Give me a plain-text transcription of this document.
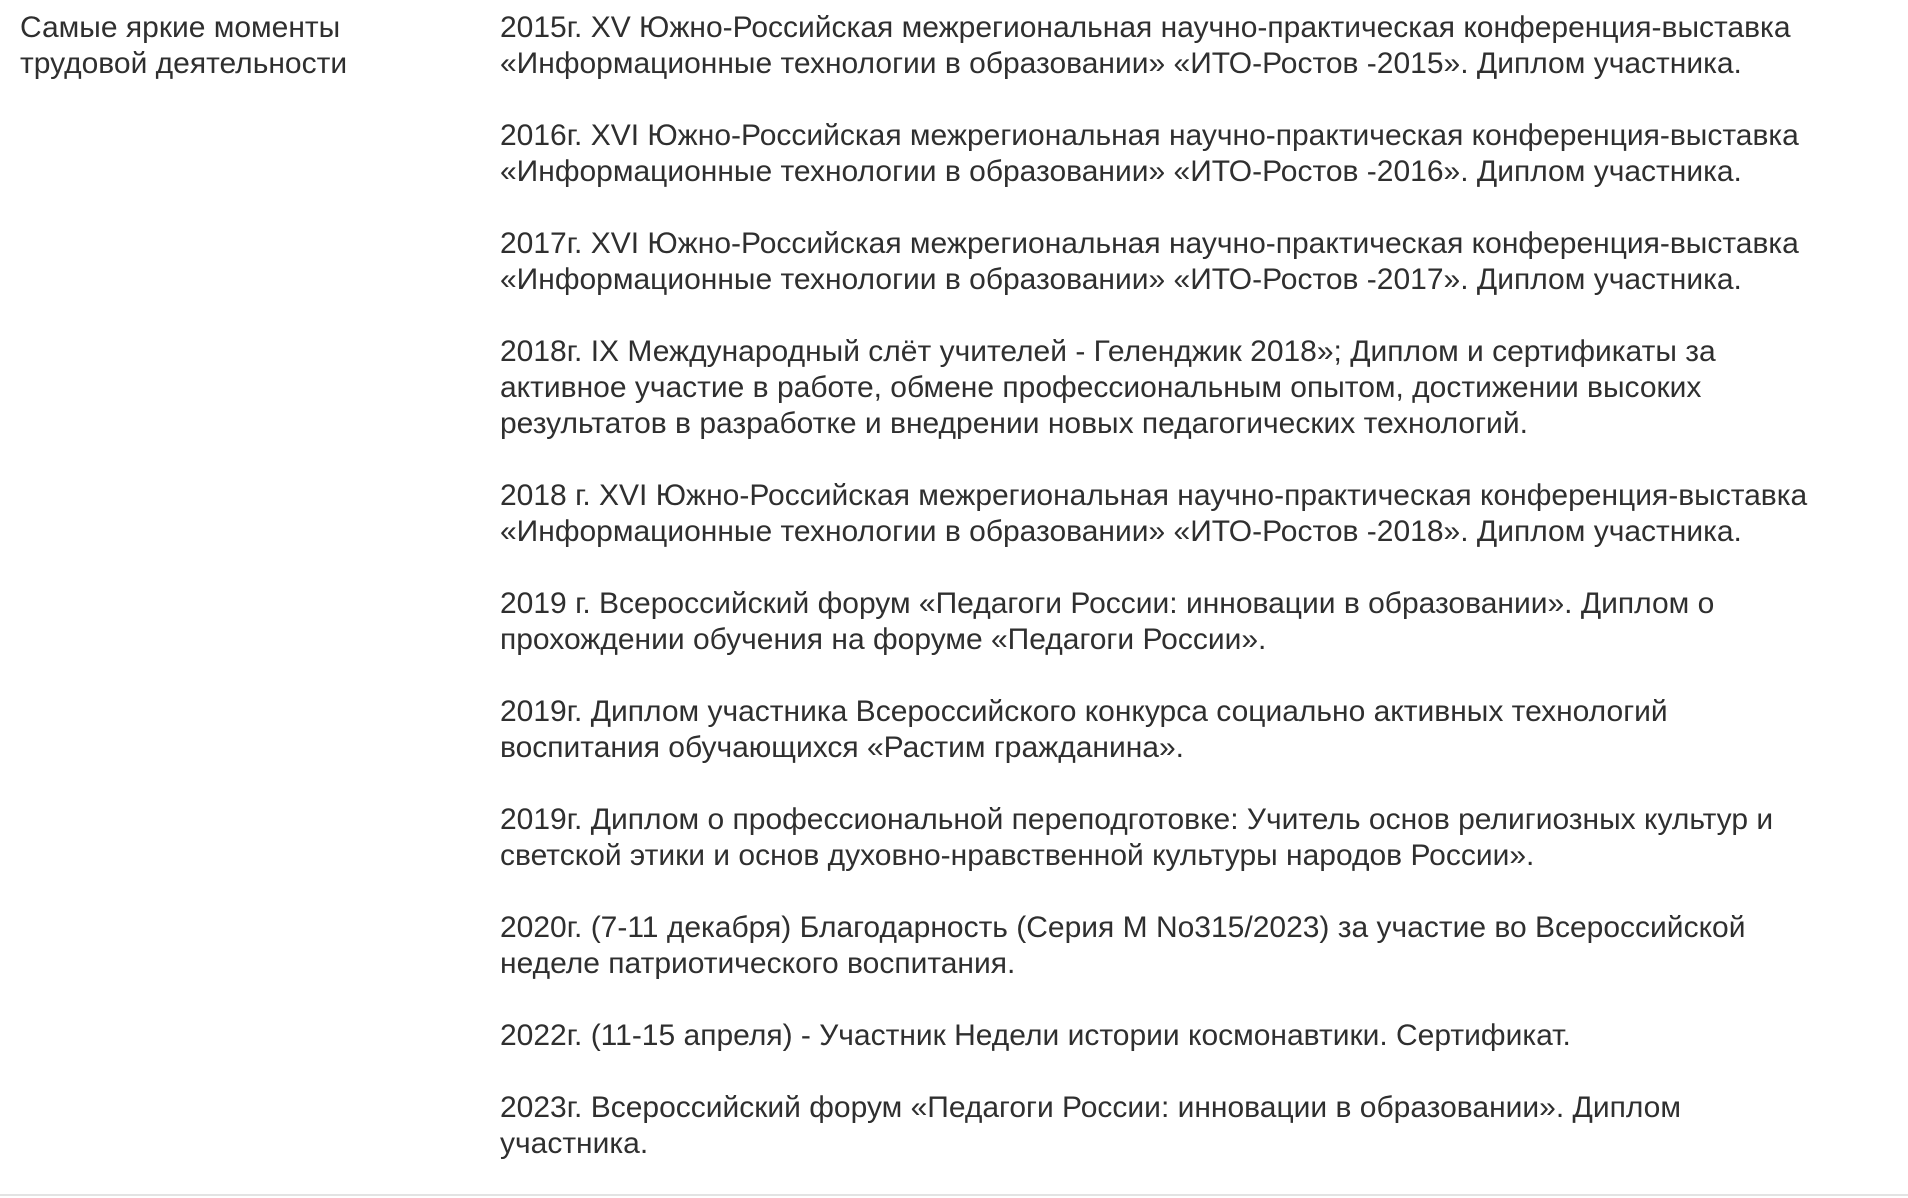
Самые яркие моменты
трудовой деятельности

2015г. XV Южно-Российская межрегиональная научно-практическая конференция-выставка
«Информационные технологии в образовании» «ИТО-Ростов -2015». Диплом участника.

2016г. XVI Южно-Российская межрегиональная научно-практическая конференция-выставка
«Информационные технологии в образовании» «ИТО-Ростов -2016». Диплом участника.

2017г. XVI Южно-Российская межрегиональная научно-практическая конференция-выставка
«Информационные технологии в образовании» «ИТО-Ростов -2017». Диплом участника.

2018г. IX Международный слёт учителей - Геленджик 2018»; Диплом и сертификаты за
активное участие в работе, обмене профессиональным опытом, достижении высоких
результатов в разработке и внедрении новых педагогических технологий.

2018 г. XVI Южно-Российская межрегиональная научно-практическая конференция-выставка
«Информационные технологии в образовании» «ИТО-Ростов -2018». Диплом участника.

2019 г. Всероссийский форум «Педагоги России: инновации в образовании». Диплом о
прохождении обучения на форуме «Педагоги России».

2019г. Диплом участника Всероссийского конкурса социально активных технологий
воспитания обучающихся «Растим гражданина».

2019г. Диплом о профессиональной переподготовке: Учитель основ религиозных культур и
светской этики и основ духовно-нравственной культуры народов России».

2020г. (7-11 декабря) Благодарность (Серия М No315/2023) за участие во Всероссийской
неделе патриотического воспитания.

2022г. (11-15 апреля) - Участник Недели истории космонавтики. Сертификат.

2023г. Всероссийский форум «Педагоги России: инновации в образовании». Диплом
участника.
